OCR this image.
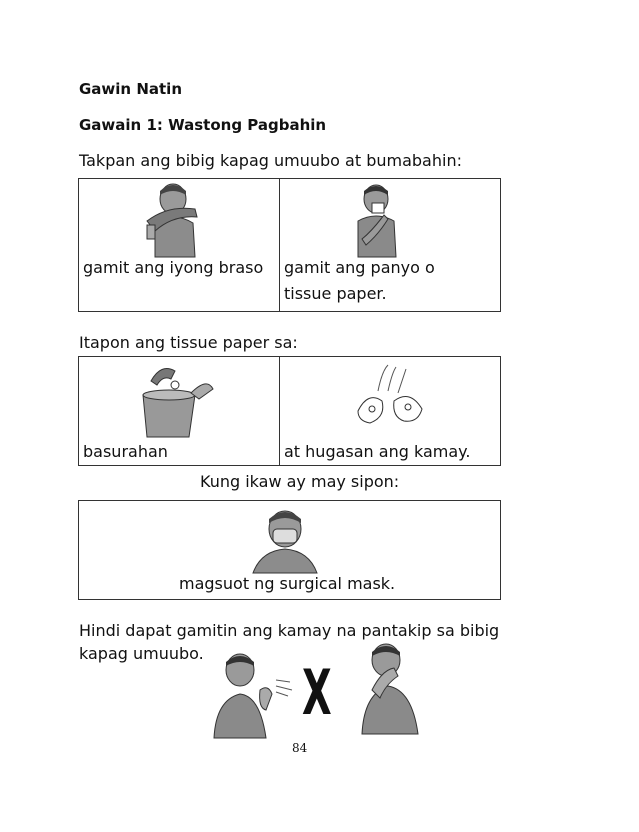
Gawin Natin
Gawain 1: Wastong Pagbahin
Takpan ang bibig kapag umuubo at bumabahin:
gamit ang iyong braso	gamit ang panyo o
tissue paper.
Itapon ang tissue paper sa:
basurahan	at hugasan ang kamay.
Kung ikaw ay may sipon:
magsuot ng surgical mask.
Hindi dapat gamitin ang kamay na pantakip sa bibig
kapag umuubo.
X
84
